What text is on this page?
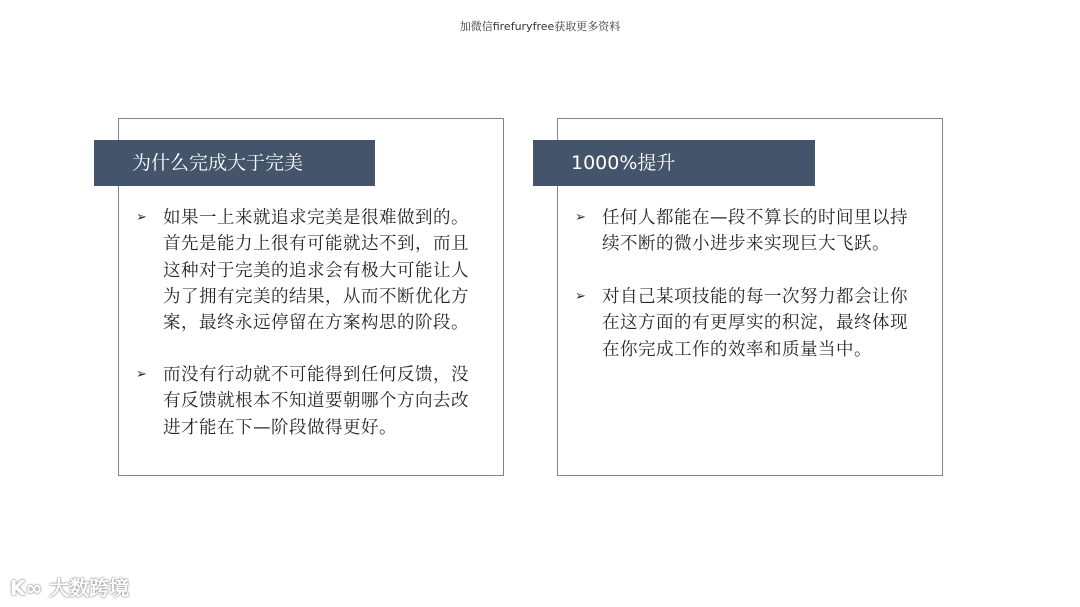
加微信firefuryfree获取更多资料
为什么完成大于完美
➢ 如果一上来就追求完美是很难做到的。
首先是能力上很有可能就达不到，而且
这种对于完美的追求会有极大可能让人
为了拥有完美的结果，从而不断优化方
案，最终永远停留在方案构思的阶段。
➢ 而没有行动就不可能得到任何反馈，没
有反馈就根本不知道要朝哪个方向去改
进才能在下—阶段做得更好。
1000%提升
➢ 任何人都能在—段不算长的时间里以持
续不断的微小进步来实现巨大飞跃。
➢ 对自己某项技能的每一次努力都会让你
在这方面的有更厚实的积淀，最终体现
在你完成工作的效率和质量当中。
K∞ 大数跨境
